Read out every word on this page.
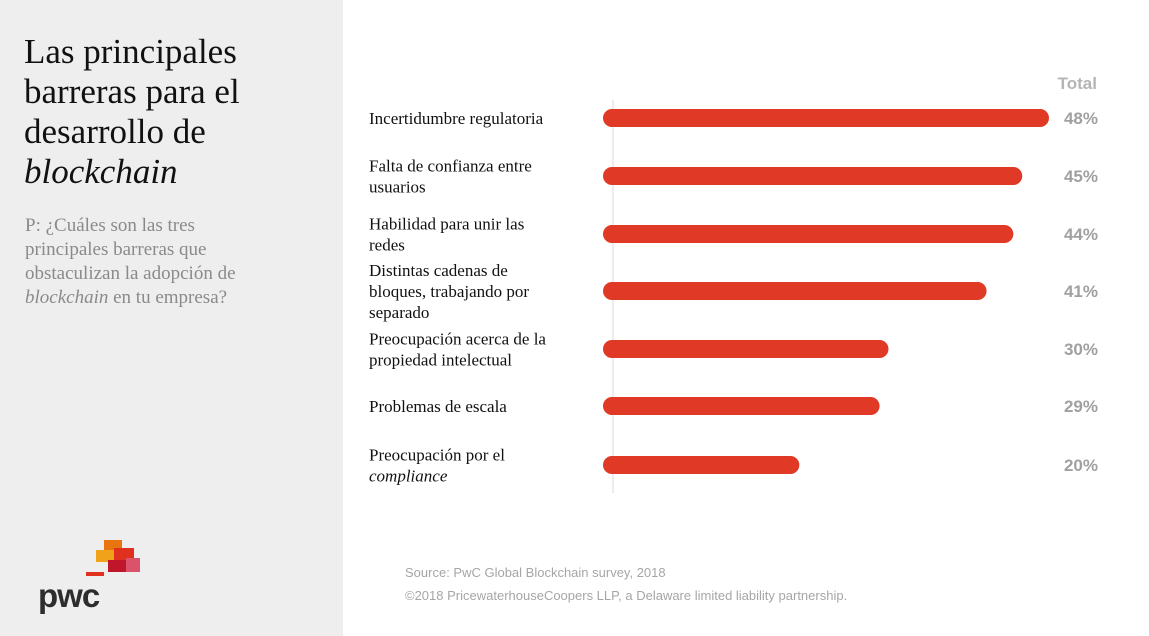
Las principales
barreras para el
desarrollo de
blockchain

P: ¿Cuáles son las tres
principales barreras que
obstaculizan la adopción de
blockchain en tu empresa?

pwc
Total
Incertidumbre regulatoria	48%
Falta de confianza entre
usuarios
45%
Habilidad para unir las
redes
44%
Distintas cadenas de
bloques, trabajando por
separado
41%
Preocupación acerca de la
propiedad intelectual
30%
Problemas de escala	29%
Preocupación por el
compliance
20%
Source: PwC Global Blockchain survey, 2018
©2018 PricewaterhouseCoopers LLP, a Delaware limited liability partnership.
